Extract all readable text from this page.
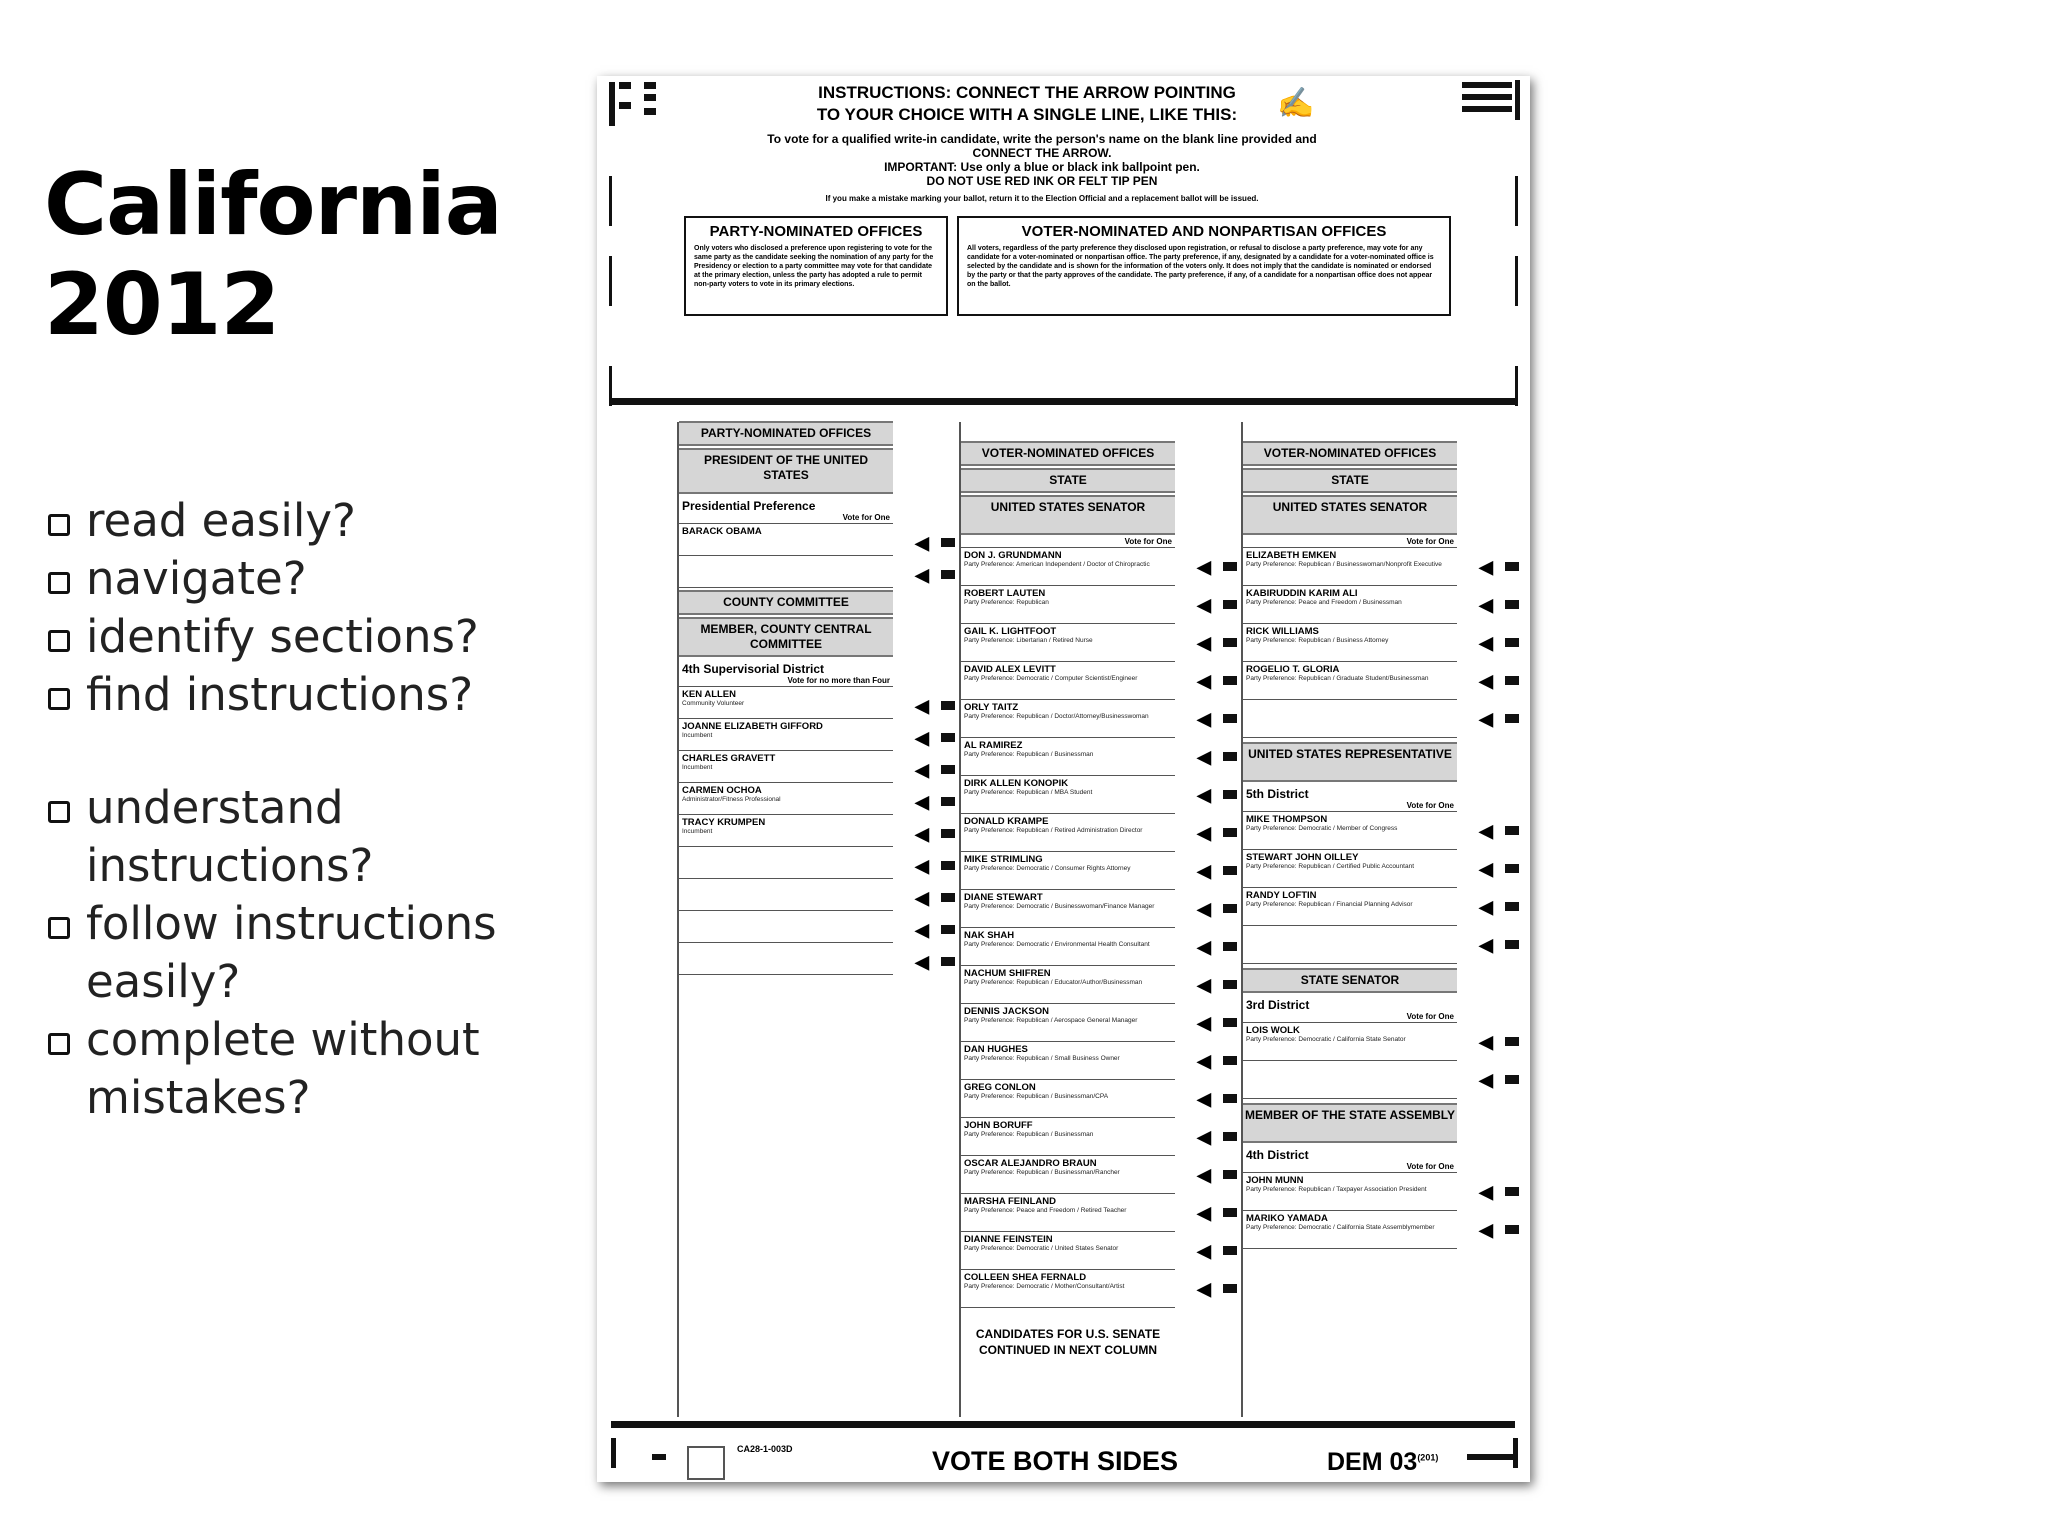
California
2012
read easily?
navigate?
identify sections?
find instructions?
understand
instructions?
follow instructions
easily?
complete without
mistakes?
INSTRUCTIONS: CONNECT THE ARROW POINTING
TO YOUR CHOICE WITH A SINGLE LINE, LIKE THIS:	✍
To vote for a qualified write-in candidate, write the person's name on the blank line provided and
CONNECT THE ARROW.
IMPORTANT: Use only a blue or black ink ballpoint pen.
DO NOT USE RED INK OR FELT TIP PEN
If you make a mistake marking your ballot, return it to the Election Official and a replacement ballot will be issued.
PARTY-NOMINATED OFFICES

Only voters who disclosed a preference upon registering to vote for the same party as the candidate seeking the nomination of any party for the Presidency or election to a party committee may vote for that candidate at the primary election, unless the party has adopted a rule to permit non-party voters to vote in its primary elections.

VOTER-NOMINATED AND NONPARTISAN OFFICES

All voters, regardless of the party preference they disclosed upon registration, or refusal to disclose a party preference, may vote for any candidate for a voter-nominated or nonpartisan office. The party preference, if any, designated by a candidate for a voter-nominated office is selected by the candidate and is shown for the information of the voters only. It does not imply that the candidate is nominated or endorsed by the party or that the party approves of the candidate. The party preference, if any, of a candidate for a nonpartisan office does not appear on the ballot.

PARTY-NOMINATED OFFICES
PRESIDENT OF THE UNITED STATES
Presidential Preference
Vote for One
BARACK OBAMA
◀
◀
COUNTY COMMITTEE
MEMBER, COUNTY CENTRAL COMMITTEE
4th Supervisorial District
Vote for no more than Four
KEN ALLEN
Community Volunteer	◀
JOANNE ELIZABETH GIFFORD
Incumbent	◀
CHARLES GRAVETT
Incumbent	◀
CARMEN OCHOA
Administrator/Fitness Professional	◀
TRACY KRUMPEN
Incumbent	◀
◀
◀
◀
◀
VOTER-NOMINATED OFFICES
STATE
UNITED STATES SENATOR
Vote for One
DON J. GRUNDMANN
Party Preference: American Independent / Doctor of Chiropractic	◀
ROBERT LAUTEN
Party Preference: Republican	◀
GAIL K. LIGHTFOOT
Party Preference: Libertarian / Retired Nurse	◀
DAVID ALEX LEVITT
Party Preference: Democratic / Computer Scientist/Engineer	◀
ORLY TAITZ
Party Preference: Republican / Doctor/Attorney/Businesswoman	◀
AL RAMIREZ
Party Preference: Republican / Businessman	◀
DIRK ALLEN KONOPIK
Party Preference: Republican / MBA Student	◀
DONALD KRAMPE
Party Preference: Republican / Retired Administration Director	◀
MIKE STRIMLING
Party Preference: Democratic / Consumer Rights Attorney	◀
DIANE STEWART
Party Preference: Democratic / Businesswoman/Finance Manager	◀
NAK SHAH
Party Preference: Democratic / Environmental Health Consultant	◀
NACHUM SHIFREN
Party Preference: Republican / Educator/Author/Businessman	◀
DENNIS JACKSON
Party Preference: Republican / Aerospace General Manager	◀
DAN HUGHES
Party Preference: Republican / Small Business Owner	◀
GREG CONLON
Party Preference: Republican / Businessman/CPA	◀
JOHN BORUFF
Party Preference: Republican / Businessman	◀
OSCAR ALEJANDRO BRAUN
Party Preference: Republican / Businessman/Rancher	◀
MARSHA FEINLAND
Party Preference: Peace and Freedom / Retired Teacher	◀
DIANNE FEINSTEIN
Party Preference: Democratic / United States Senator	◀
COLLEEN SHEA FERNALD
Party Preference: Democratic / Mother/Consultant/Artist	◀
CANDIDATES FOR U.S. SENATE CONTINUED IN NEXT COLUMN
VOTER-NOMINATED OFFICES
STATE
UNITED STATES SENATOR
Vote for One
ELIZABETH EMKEN
Party Preference: Republican / Businesswoman/Nonprofit Executive	◀
KABIRUDDIN KARIM ALI
Party Preference: Peace and Freedom / Businessman	◀
RICK WILLIAMS
Party Preference: Republican / Business Attorney	◀
ROGELIO T. GLORIA
Party Preference: Republican / Graduate Student/Businessman	◀
◀
UNITED STATES REPRESENTATIVE
5th District
Vote for One
MIKE THOMPSON
Party Preference: Democratic / Member of Congress	◀
STEWART JOHN OILLEY
Party Preference: Republican / Certified Public Accountant	◀
RANDY LOFTIN
Party Preference: Republican / Financial Planning Advisor	◀
◀
STATE SENATOR
3rd District
Vote for One
LOIS WOLK
Party Preference: Democratic / California State Senator	◀
◀
MEMBER OF THE STATE ASSEMBLY
4th District
Vote for One
JOHN MUNN
Party Preference: Republican / Taxpayer Association President	◀
MARIKO YAMADA
Party Preference: Democratic / California State Assemblymember	◀
CA28-1-003D	VOTE BOTH SIDES	DEM 03$^{(201)}$
